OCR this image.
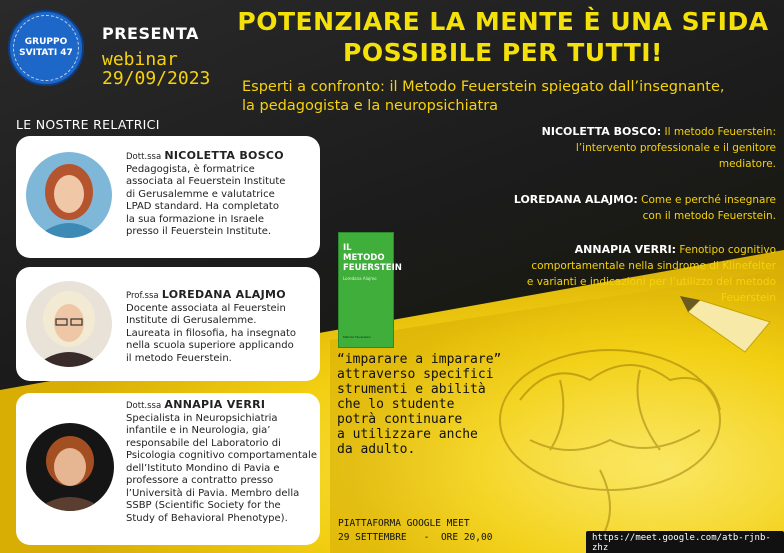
GRUPPO
SVITATI 47
PRESENTA
webinar
29/09/2023
POTENZIARE LA MENTE È UNA SFIDA
POSSIBILE PER TUTTI!
Esperti a confronto: il Metodo Feuerstein spiegato dall’insegnante,
la pedagogista e la neuropsichiatra
LE NOSTRE RELATRICI
Dott.ssa NICOLETTA BOSCO
Pedagogista, è formatrice
associata al Feuerstein Institute
di Gerusalemme e valutatrice
LPAD standard. Ha completato
la sua formazione in Israele
presso il Feuerstein Institute.
Prof.ssa LOREDANA ALAJMO
Docente associata al Feuerstein
Institute di Gerusalemme.
Laureata in filosofia, ha insegnato
nella scuola superiore applicando
il metodo Feuerstein.
Dott.ssa ANNAPIA VERRI
Specialista in Neuropsichiatria
infantile e in Neurologia, gia’
responsabile del Laboratorio di
Psicologia cognitivo comportamentale
dell’Istituto Mondino di Pavia e
professore a contratto presso
l’Università di Pavia. Membro della
SSBP (Scientific Society for the
Study of Behavioral Phenotype).
NICOLETTA BOSCO: Il metodo Feuerstein:
l’intervento professionale e il genitore
mediatore.
LOREDANA ALAJMO: Come e perché insegnare
con il metodo Feuerstein.
ANNAPIA VERRI: Fenotipo cognitivo
comportamentale nella sindrome di Klinefelter
e varianti e indicazioni per l’utilizzo del metodo
Feuerstein
IL METODO
FEUERSTEIN
Loredana Alajmo
Metodo Feuerstein
“imparare a imparare”
attraverso specifici
strumenti e abilità
che lo studente
potrà continuare
a utilizzare anche
da adulto.
PIATTAFORMA GOOGLE MEET
29 SETTEMBRE   -  ORE 20,00	https://meet.google.com/atb-rjnb-zhz
